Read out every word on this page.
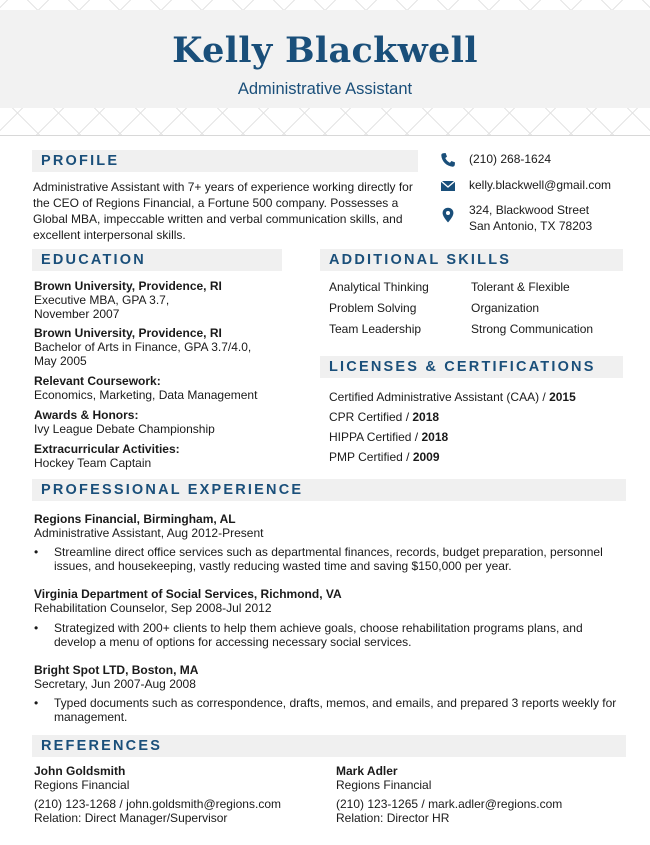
Kelly Blackwell
Administrative Assistant
PROFILE

Administrative Assistant with 7+ years of experience working directly for the CEO of Regions Financial, a Fortune 500 company. Possesses a Global MBA, impeccable written and verbal communication skills, and excellent interpersonal skills.

(210) 268-1624
kelly.blackwell@gmail.com
324, Blackwood Street
San Antonio, TX 78203
EDUCATION
Brown University, Providence, RI
Executive MBA, GPA 3.7,
November 2007
Brown University, Providence, RI
Bachelor of Arts in Finance, GPA 3.7/4.0,
May 2005
Relevant Coursework:
Economics, Marketing, Data Management
Awards & Honors:
Ivy League Debate Championship
Extracurricular Activities:
Hockey Team Captain
ADDITIONAL SKILLS
Analytical Thinking
Problem Solving
Team Leadership
Tolerant & Flexible
Organization
Strong Communication
LICENSES & CERTIFICATIONS
Certified Administrative Assistant (CAA) / 2015
CPR Certified / 2018
HIPPA Certified / 2018
PMP Certified / 2009
PROFESSIONAL EXPERIENCE
Regions Financial, Birmingham, AL
Administrative Assistant, Aug 2012-Present
• Streamline direct office services such as departmental finances, records, budget preparation, personnel issues, and housekeeping, vastly reducing wasted time and saving $150,000 per year.
Virginia Department of Social Services, Richmond, VA
Rehabilitation Counselor, Sep 2008-Jul 2012
• Strategized with 200+ clients to help them achieve goals, choose rehabilitation programs plans, and develop a menu of options for accessing necessary social services.
Bright Spot LTD, Boston, MA
Secretary, Jun 2007-Aug 2008
• Typed documents such as correspondence, drafts, memos, and emails, and prepared 3 reports weekly for management.
REFERENCES
John Goldsmith
Regions Financial
(210) 123-1268 / john.goldsmith@regions.com
Relation: Direct Manager/Supervisor
Mark Adler
Regions Financial
(210) 123-1265 / mark.adler@regions.com
Relation: Director HR
